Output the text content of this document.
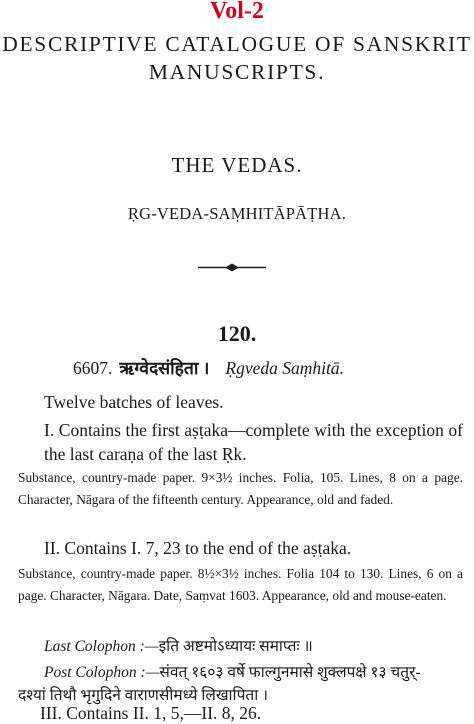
Vol-2
DESCRIPTIVE CATALOGUE OF SANSKRIT
MANUSCRIPTS.
THE VEDAS.
ṚG-VEDA-SAṂHITĀPĀṬHA.
120.
6607. ऋग्वेदसंहिता । Ṛgveda Saṃhitā.
Twelve batches of leaves.
I. Contains the first aṣṭaka—complete with the exception of the last caraṇa of the last Ṛk.
Substance, country-made paper. 9×3½ inches. Folia, 105. Lines, 8 on a page. Character, Nāgara of the fifteenth century. Appearance, old and faded.
II. Contains I. 7, 23 to the end of the aṣṭaka.
Substance, country-made paper. 8½×3½ inches. Folia 104 to 130. Lines, 6 on a page. Character, Nāgara. Date, Saṃvat 1603. Appearance, old and mouse-eaten.
Last Colophon :—इति अष्टमोऽध्यायः समाप्तः ॥
Post Colophon :—संवत् १६०३ वर्षे फाल्गुनमासे शुक्लपक्षे १३ चतुर्-
दश्यां तिथौ भृगुदिने वाराणसीमध्ये लिखापिता ।
III. Contains II. 1, 5,—II. 8, 26.
